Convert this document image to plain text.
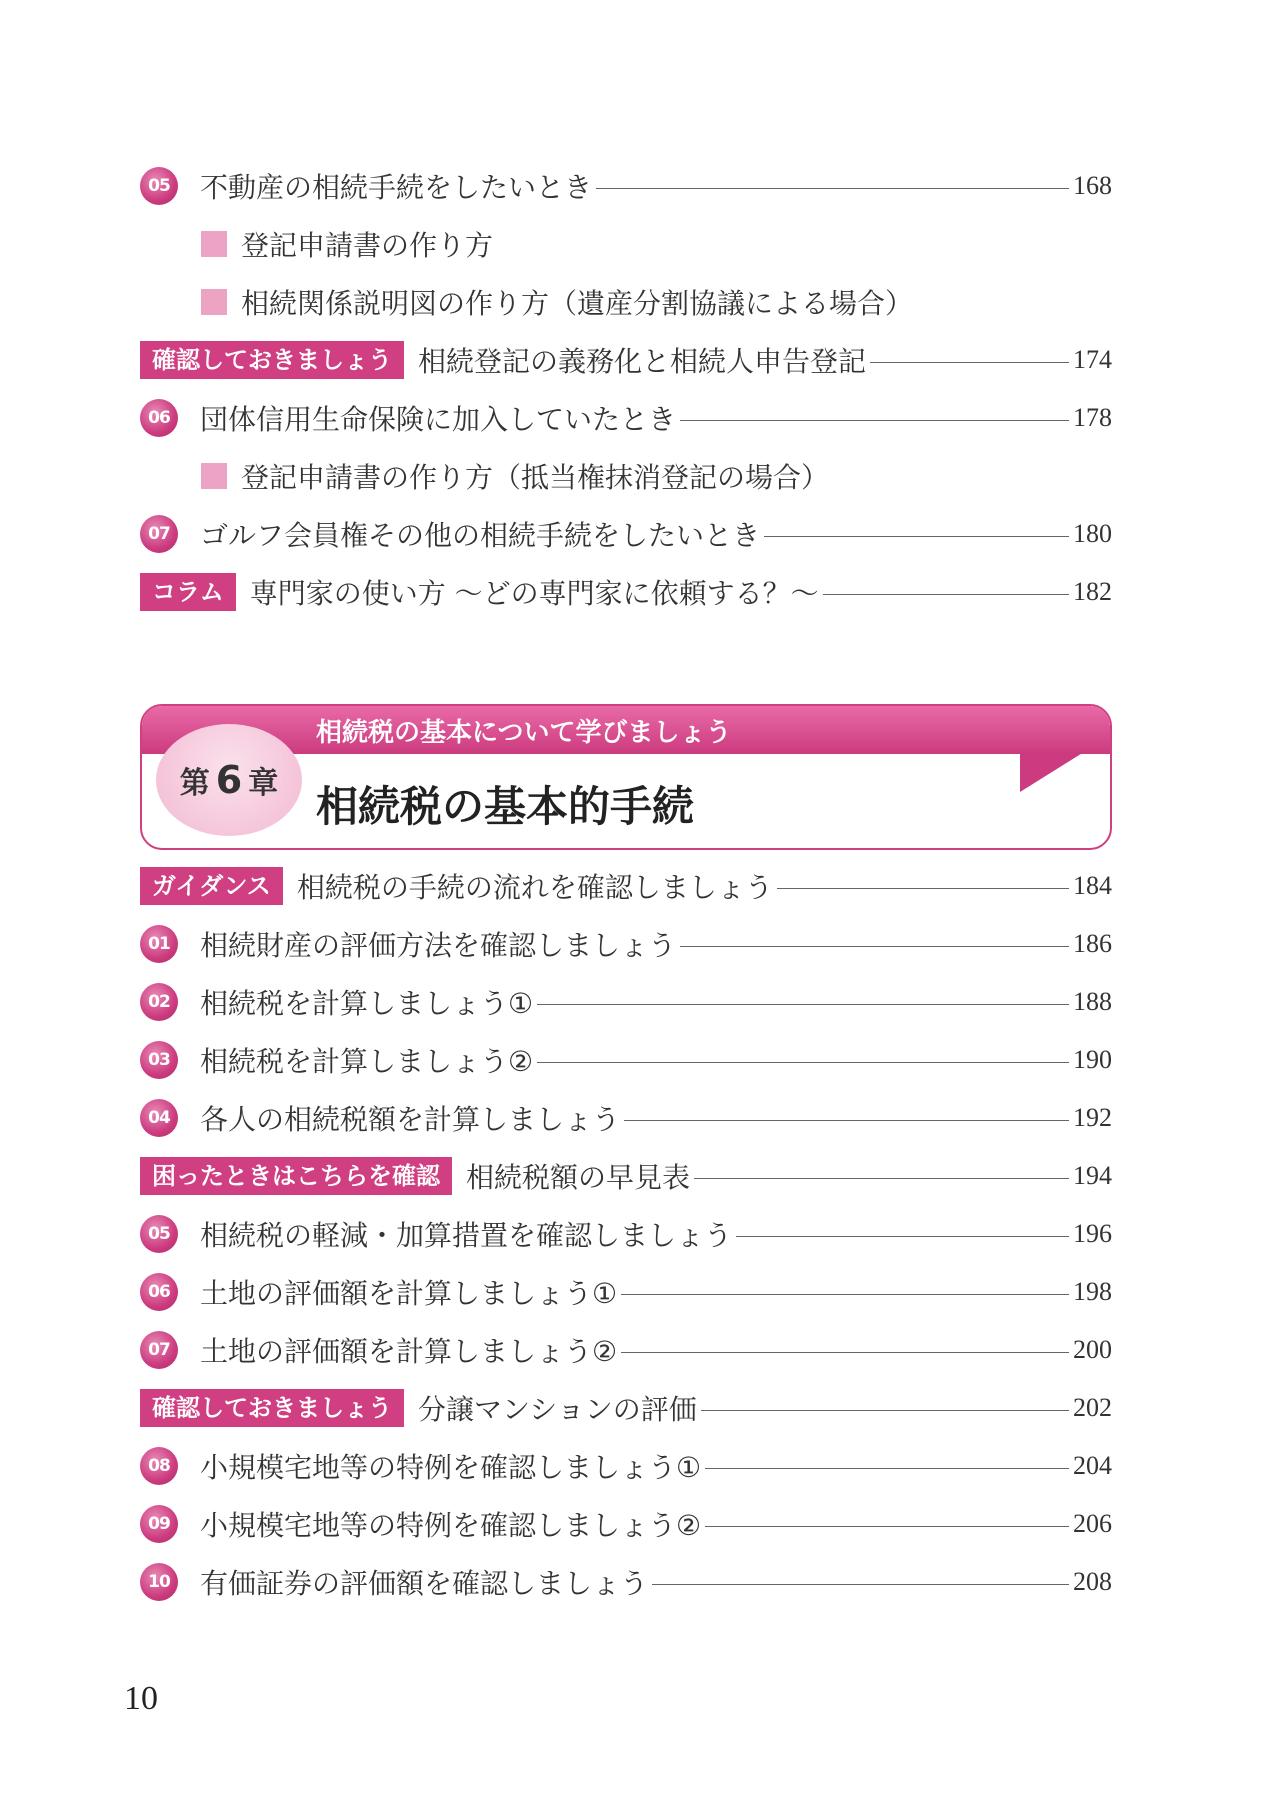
05 不動産の相続手続をしたいとき	168
登記申請書の作り方
相続関係説明図の作り方（遺産分割協議による場合）
確認しておきましょう 相続登記の義務化と相続人申告登記	174
06 団体信用生命保険に加入していたとき	178
登記申請書の作り方（抵当権抹消登記の場合）
07 ゴルフ会員権その他の相続手続をしたいとき	180
コラム 専門家の使い方 ～どの専門家に依頼する？～	182
相続税の基本について学びましょう
第 6 章 相続税の基本的手続
ガイダンス 相続税の手続の流れを確認しましょう	184
01 相続財産の評価方法を確認しましょう	186
02 相続税を計算しましょう①	188
03 相続税を計算しましょう②	190
04 各人の相続税額を計算しましょう	192
困ったときはこちらを確認 相続税額の早見表	194
05 相続税の軽減・加算措置を確認しましょう	196
06 土地の評価額を計算しましょう①	198
07 土地の評価額を計算しましょう②	200
確認しておきましょう 分譲マンションの評価	202
08 小規模宅地等の特例を確認しましょう①	204
09 小規模宅地等の特例を確認しましょう②	206
10 有価証券の評価額を確認しましょう	208
10
